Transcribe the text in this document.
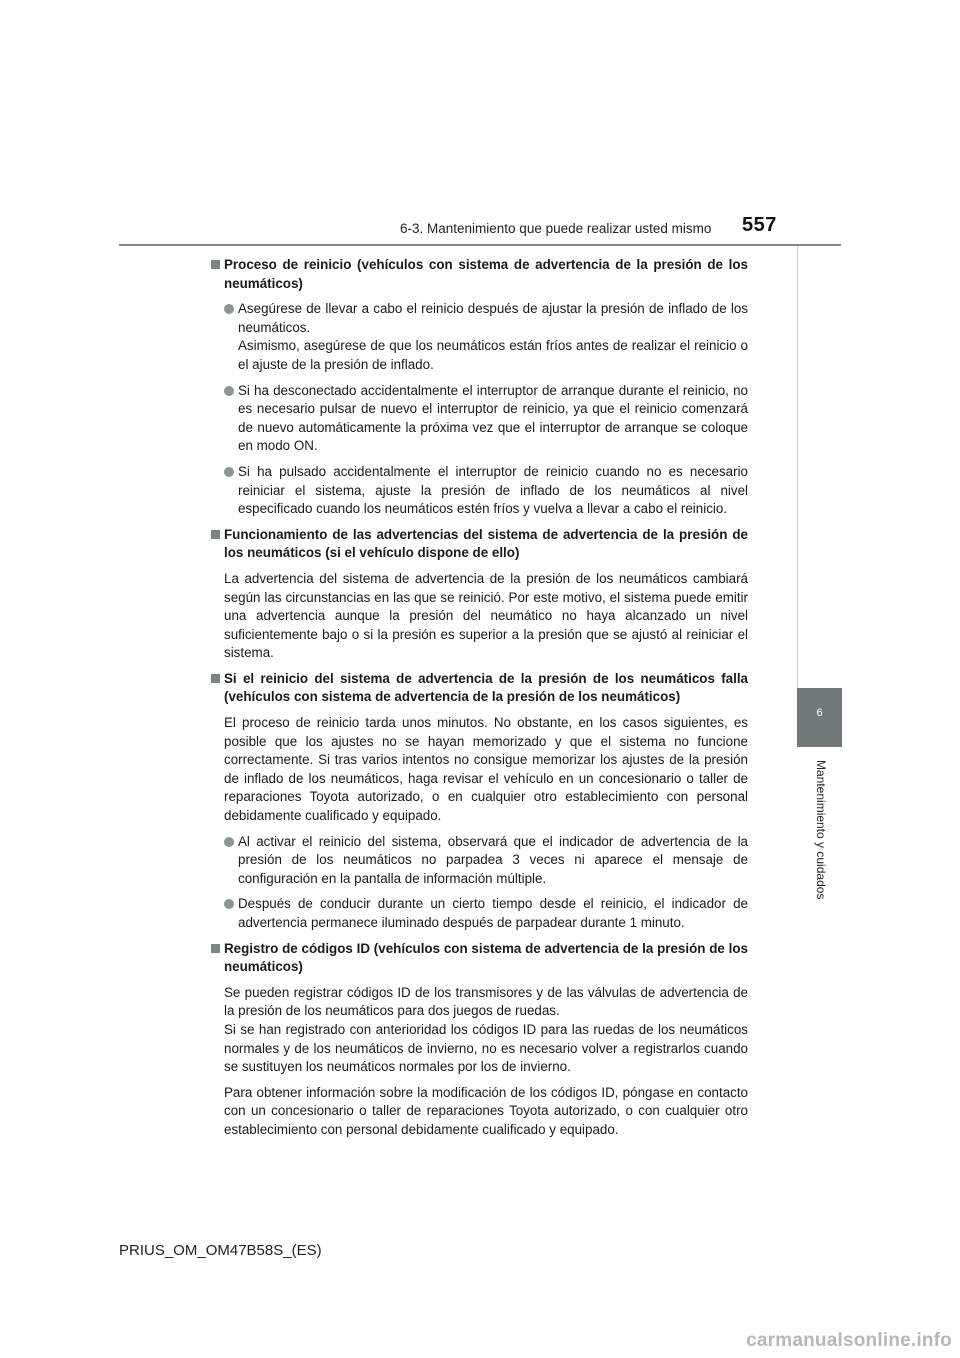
6-3. Mantenimiento que puede realizar usted mismo 557
6
Mantenimiento y cuidados
Proceso de reinicio (vehículos con sistema de advertencia de la presión de los neumáticos)
Asegúrese de llevar a cabo el reinicio después de ajustar la presión de inflado de los neumáticos.
Asimismo, asegúrese de que los neumáticos están fríos antes de realizar el reinicio o el ajuste de la presión de inflado.
Si ha desconectado accidentalmente el interruptor de arranque durante el reinicio, no es necesario pulsar de nuevo el interruptor de reinicio, ya que el reinicio comenzará de nuevo automáticamente la próxima vez que el interruptor de arranque se coloque en modo ON.
Si ha pulsado accidentalmente el interruptor de reinicio cuando no es necesario reiniciar el sistema, ajuste la presión de inflado de los neumáticos al nivel especificado cuando los neumáticos estén fríos y vuelva a llevar a cabo el reinicio.
Funcionamiento de las advertencias del sistema de advertencia de la presión de los neumáticos (si el vehículo dispone de ello)
La advertencia del sistema de advertencia de la presión de los neumáticos cambiará según las circunstancias en las que se reinició. Por este motivo, el sistema puede emitir una advertencia aunque la presión del neumático no haya alcanzado un nivel suficientemente bajo o si la presión es superior a la presión que se ajustó al reiniciar el sistema.
Si el reinicio del sistema de advertencia de la presión de los neumáticos falla (vehículos con sistema de advertencia de la presión de los neumáticos)
El proceso de reinicio tarda unos minutos. No obstante, en los casos siguientes, es posible que los ajustes no se hayan memorizado y que el sistema no funcione correctamente. Si tras varios intentos no consigue memorizar los ajustes de la presión de inflado de los neumáticos, haga revisar el vehículo en un concesionario o taller de reparaciones Toyota autorizado, o en cualquier otro establecimiento con personal debidamente cualificado y equipado.
Al activar el reinicio del sistema, observará que el indicador de advertencia de la presión de los neumáticos no parpadea 3 veces ni aparece el mensaje de configuración en la pantalla de información múltiple.
Después de conducir durante un cierto tiempo desde el reinicio, el indicador de advertencia permanece iluminado después de parpadear durante 1 minuto.
Registro de códigos ID (vehículos con sistema de advertencia de la presión de los neumáticos)
Se pueden registrar códigos ID de los transmisores y de las válvulas de advertencia de la presión de los neumáticos para dos juegos de ruedas.
Si se han registrado con anterioridad los códigos ID para las ruedas de los neumáticos normales y de los neumáticos de invierno, no es necesario volver a registrarlos cuando se sustituyen los neumáticos normales por los de invierno.
Para obtener información sobre la modificación de los códigos ID, póngase en contacto con un concesionario o taller de reparaciones Toyota autorizado, o con cualquier otro establecimiento con personal debidamente cualificado y equipado.
PRIUS_OM_OM47B58S_(ES)
carmanualsonline.info
